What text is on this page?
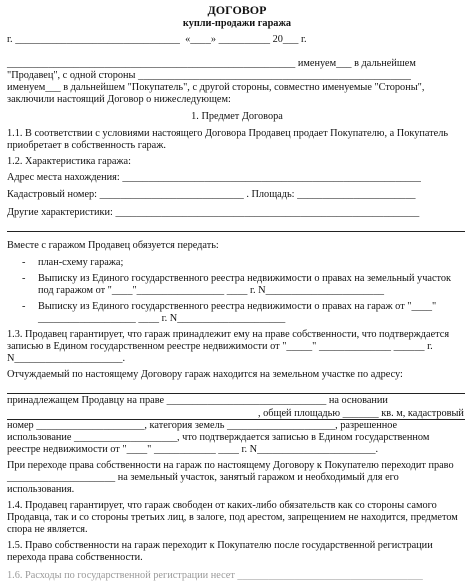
ДОГОВОР
купли-продажи гаража
г. ________________________________  «____» __________ 20___ г.
________________________________________________________ именуем___ в дальнейшем
"Продавец", с одной стороны _____________________________________________________
именуем___ в дальнейшем "Покупатель", с другой стороны, совместно именуемые "Стороны",
заключили настоящий Договор о нижеследующем:
1. Предмет Договора
1.1. В соответствии с условиями настоящего Договора Продавец продает Покупателю, а Покупатель
приобретает в собственность гараж.
1.2. Характеристика гаража:
Адрес места нахождения: __________________________________________________________
Кадастровый номер: ____________________________ . Площадь: _______________________
Другие характеристики: ___________________________________________________________
Вместе с гаражом Продавец обязуется передать:
- план-схему гаража;
- Выписку из Единого государственного реестра недвижимости о правах на земельный участок
под гаражом от "____"_________________ ____ г. N_______________________
- Выписку из Единого государственного реестра недвижимости о правах на гараж от "____"
___________________ ____ г. N_____________________
1.3. Продавец гарантирует, что гараж принадлежит ему на праве собственности, что подтверждается
записью в Едином государственном реестре недвижимости от "_____" ______________ ______ г.
N_____________________.
Отчуждаемый по настоящему Договору гараж находится на земельном участке по адресу:
принадлежащем Продавцу на праве _______________________________ на основании
, общей площадью _______ кв. м, кадастровый
номер _____________________, категория земель _____________________, разрешенное
использование ____________________, что подтверждается записью в Едином государственном
реестре недвижимости от "____" ____________ ____ г. N_______________________.
При переходе права собственности на гараж по настоящему Договору к Покупателю переходит право
_____________________ на земельный участок, занятый гаражом и необходимый для его
использования.
1.4. Продавец гарантирует, что гараж свободен от каких-либо обязательств как со стороны самого
Продавца, так и со стороны третьих лиц, в залоге, под арестом, запрещением не находится, предметом
спора не является.
1.5. Право собственности на гараж переходит к Покупателю после государственной регистрации
перехода права собственности.
1.6. Расходы по государственной регистрации несет ____________________________________
